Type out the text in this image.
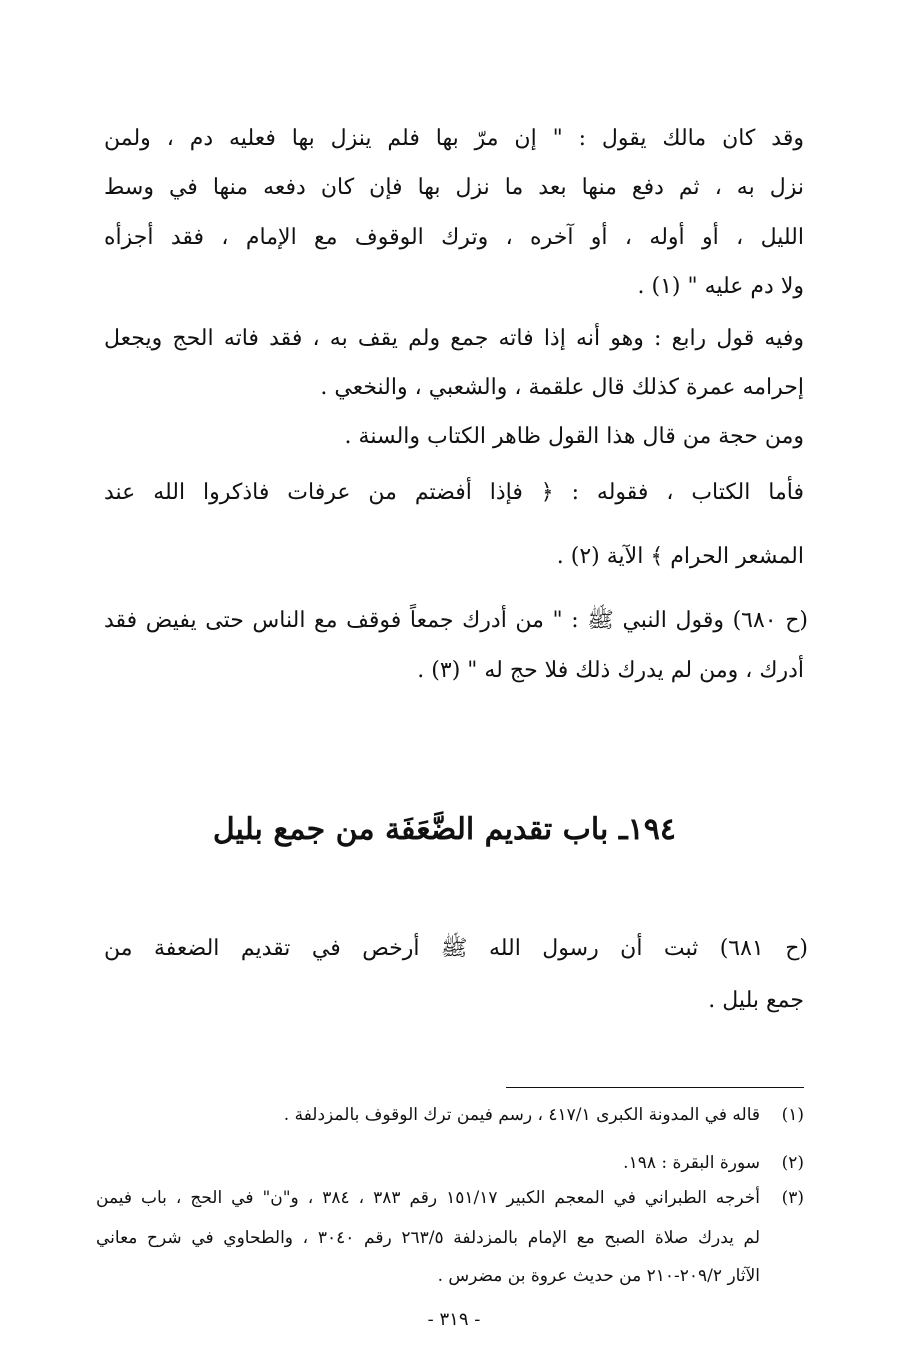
وقد كان مالك يقول : " إن مرّ بها فلم ينزل بها فعليه دم ، ولمن
نزل به ، ثم دفع منها بعد ما نزل بها فإن كان دفعه منها في وسط
الليل ، أو أوله ، أو آخره ، وترك الوقوف مع الإمام ، فقد أجزأه
ولا دم عليه " (١) .
وفيه قول رابع : وهو أنه إذا فاته جمع ولم يقف به ، فقد فاته الحج ويجعل
إحرامه عمرة كذلك قال علقمة ، والشعبي ، والنخعي .
ومن حجة من قال هذا القول ظاهر الكتاب والسنة .
فأما الكتاب ، فقوله : ﴿ فإذا أفضتم من عرفات فاذكروا الله عند
المشعر الحرام ﴾ الآية (٢) .
(ح ٦٨٠) وقول النبي ﷺ : " من أدرك جمعاً فوقف مع الناس حتى يفيض فقد
أدرك ، ومن لم يدرك ذلك فلا حج له " (٣) .
١٩٤ـ باب تقديم الضَّعَفَة من جمع بليل
(ح ٦٨١) ثبت أن رسول الله ﷺ أرخص في تقديم الضعفة من
جمع بليل .
(١)
قاله في المدونة الكبرى ٤١٧/١ ، رسم فيمن ترك الوقوف بالمزدلفة .
(٢)
سورة البقرة : ١٩٨.
(٣)
أخرجه الطبراني في المعجم الكبير ١٥١/١٧ رقم ٣٨٣ ، ٣٨٤ ، و"ن" في الحج ، باب فيمن
لم يدرك صلاة الصبح مع الإمام بالمزدلفة ٢٦٣/٥ رقم ٣٠٤٠ ، والطحاوي في شرح معاني
الآثار ٢٠٩/٢-٢١٠ من حديث عروة بن مضرس .
- ٣١٩ -
